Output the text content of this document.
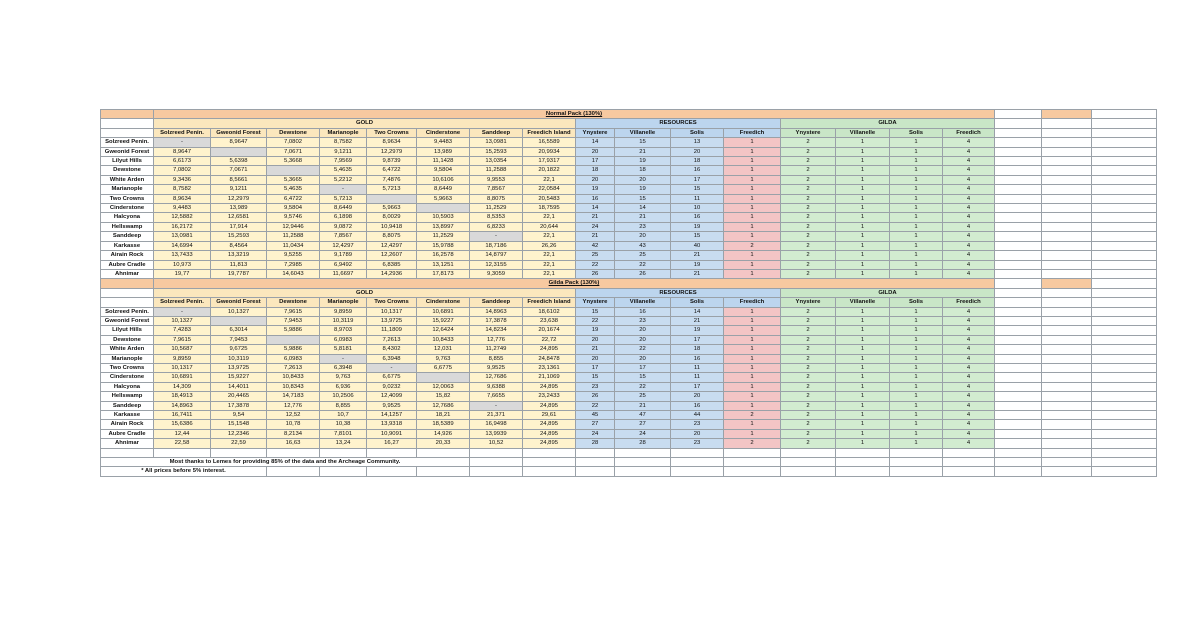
	Normal Pack (130%)																		
	GOLD								RESOURCES				GILDA						
	Solzreed Penin.	Gweonid Forest	Dewstone	Marianople	Two Crowns	Cinderstone	Sanddeep	Freedich Island	Ynystere	Villanelle	Solis	Freedich	Ynystere	Villanelle	Solis	Freedich			
Solzreed Penin.	-	8,9647	7,0802	8,7582	8,9634	9,4483	13,0981	16,5589	14	15	13	1	2	1	1	4			
Gweonid Forest	8,9647		7,0671	9,1211	12,2979	13,989	15,2593	20,9934	20	21	20	1	2	1	1	4			
Lilyut Hills	6,6173	5,6398	5,3668	7,9569	9,8739	11,1428	13,0354	17,9317	17	19	18	1	2	1	1	4			
Dewstone	7,0802	7,0671		5,4635	6,4722	9,5804	11,2588	20,1822	18	18	16	1	2	1	1	4			
White Arden	9,3436	8,5661	5,3665	5,2212	7,4876	10,6106	9,9553	22,1	20	20	17	1	2	1	1	4			
Marianople	8,7582	9,1211	5,4635	-	5,7213	8,6449	7,8567	22,0584	19	19	15	1	2	1	1	4			
Two Crowns	8,9634	12,2979	6,4722	5,7213		5,9663	8,8075	20,5483	16	15	11	1	2	1	1	4			
Cinderstone	9,4483	13,989	9,5804	8,6449	5,9663		11,2529	18,7595	14	14	10	1	2	1	1	4			
Halcyona	12,5882	12,6581	9,5746	6,1898	8,0029	10,5903	8,5353	22,1	21	21	16	1	2	1	1	4			
Hellswamp	16,2172	17,914	12,9446	9,0872	10,9418	13,8997	6,8233	20,644	24	23	19	1	2	1	1	4			
Sanddeep	13,0981	15,2593	11,2588	7,8567	8,8075	11,2529	-	22,1	21	20	15	1	2	1	1	4			
Karkasse	14,6994	8,4564	11,0434	12,4297	12,4297	15,9788	18,7186	26,26	42	43	40	2	2	1	1	4			
Airain Rock	13,7433	13,3219	9,5255	9,1789	12,2607	16,2578	14,8797	22,1	25	25	21	1	2	1	1	4			
Aubre Cradle	10,973	11,813	7,2985	6,9492	6,8385	13,1251	12,3155	22,1	22	22	19	1	2	1	1	4			
Ahnimar	19,77	19,7787	14,6043	11,6697	14,2936	17,8173	9,3059	22,1	26	26	21	1	2	1	1	4			
	Gilda Pack (130%)																		
	GOLD								RESOURCES				GILDA						
	Solzreed Penin.	Gweonid Forest	Dewstone	Marianople	Two Crowns	Cinderstone	Sanddeep	Freedich Island	Ynystere	Villanelle	Solis	Freedich	Ynystere	Villanelle	Solis	Freedich			
Solzreed Penin.	-	10,1327	7,9615	9,8959	10,1317	10,6891	14,8963	18,6102	15	16	14	1	2	1	1	4			
Gweonid Forest	10,1327		7,9453	10,3119	13,9725	15,9227	17,3878	23,638	22	23	21	1	2	1	1	4			
Lilyut Hills	7,4283	6,3014	5,9886	8,9703	11,1809	12,6424	14,8234	20,1674	19	20	19	1	2	1	1	4			
Dewstone	7,9615	7,9453		6,0983	7,2613	10,8433	12,776	22,72	20	20	17	1	2	1	1	4			
White Arden	10,5687	9,6725	5,9886	5,8181	8,4302	12,031	11,2749	24,895	21	22	18	1	2	1	1	4			
Marianople	9,8959	10,3119	6,0983	-	6,3948	9,763	8,855	24,8478	20	20	16	1	2	1	1	4			
Two Crowns	10,1317	13,9725	7,2613	6,3948	-	6,6775	9,9525	23,1361	17	17	11	1	2	1	1	4			
Cinderstone	10,6891	15,9227	10,8433	9,763	6,6775		12,7686	21,1069	15	15	11	1	2	1	1	4			
Halcyona	14,309	14,4011	10,8343	6,936	9,0232	12,0063	9,6388	24,895	23	22	17	1	2	1	1	4			
Hellswamp	18,4913	20,4465	14,7183	10,2506	12,4099	15,82	7,6655	23,2433	26	25	20	1	2	1	1	4			
Sanddeep	14,8963	17,3878	12,776	8,855	9,9525	12,7686	-	24,895	22	21	16	1	2	1	1	4			
Karkasse	16,7411	9,54	12,52	10,7	14,1257	18,21	21,371	29,61	45	47	44	2	2	1	1	4			
Airain Rock	15,6386	15,1548	10,78	10,38	13,9318	18,5389	16,9498	24,895	27	27	23	1	2	1	1	4			
Aubre Cradle	12,44	12,2346	8,2134	7,8101	10,9091	14,926	13,9939	24,895	24	24	20	1	2	1	1	4			
Ahnimar	22,58	22,59	16,63	13,24	16,27	20,33	10,52	24,895	28	28	23	2	2	1	1	4			

Most thanks to Lemes for providing 85% of the data and the Archeage Community.																			
* All prices before 5% interest.																			
